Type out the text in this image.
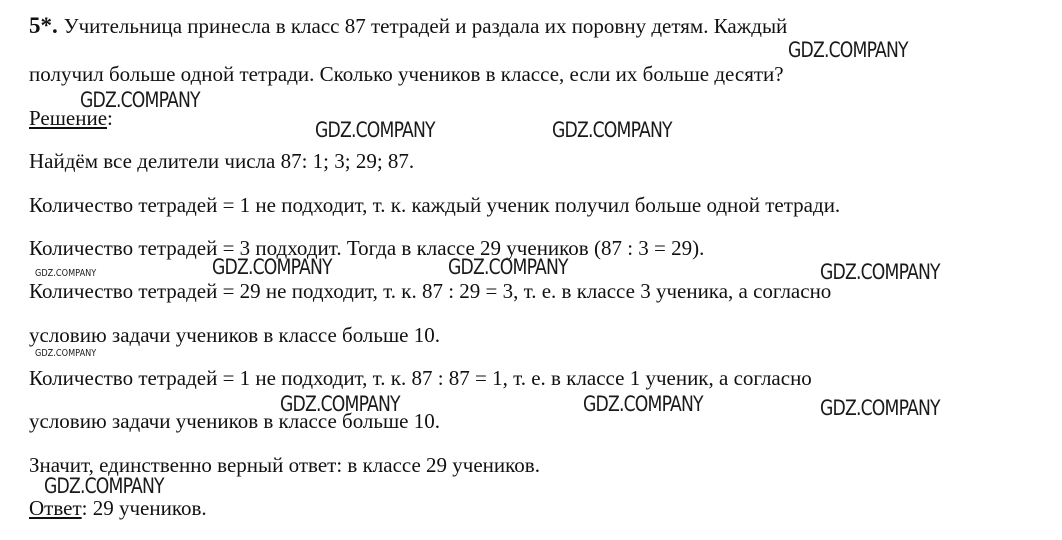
5*. Учительница принесла в класс 87 тетрадей и раздала их поровну детям. Каждый
получил больше одной тетради. Сколько учеников в классе, если их больше десяти?
Решение:
Найдём все делители числа 87: 1; 3; 29; 87.
Количество тетрадей = 1 не подходит, т. к. каждый ученик получил больше одной тетради.
Количество тетрадей = 3 подходит. Тогда в классе 29 учеников (87 : 3 = 29).
Количество тетрадей = 29 не подходит, т. к. 87 : 29 = 3, т. е. в классе 3 ученика, а согласно
условию задачи учеников в классе больше 10.
Количество тетрадей = 1 не подходит, т. к. 87 : 87 = 1, т. е. в классе 1 ученик, а согласно
условию задачи учеников в классе больше 10.
Значит, единственно верный ответ: в классе 29 учеников.
Ответ: 29 учеников.
GDZ.COMPANY
GDZ.COMPANY
GDZ.COMPANY	GDZ.COMPANY
GDZ.COMPANY	GDZ.COMPANY	GDZ.COMPANY	GDZ.COMPANY
GDZ.COMPANY
GDZ.COMPANY	GDZ.COMPANY	GDZ.COMPANY
GDZ.COMPANY
